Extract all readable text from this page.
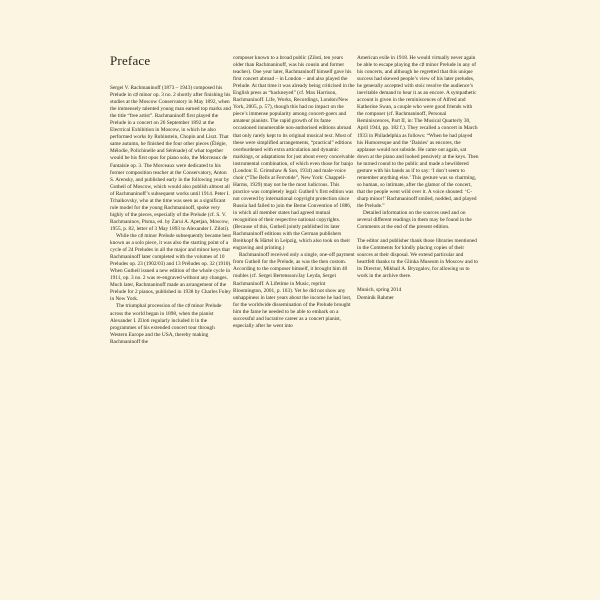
Preface

Sergei V. Rachmaninoff (1873 – 1943) composed his Prelude in c♯ minor op. 3 no. 2 shortly after finishing his studies at the Moscow Conservatory in May 1892, when the immensely talented young man earned top marks and the title “free artist”. Rachmaninoff first played the Prelude in a concert on 26 September 1892 at the Electrical Exhibition in Moscow, in which he also performed works by Rubinstein, Chopin and Liszt. That same autumn, he finished the four other pieces (Élégie, Mélodie, Polichinelle and Sérénade) of what together would be his first opus for piano solo, the Morceaux de Fantaisie op. 3. The Morceaux were dedicated to his former composition teacher at the Conservatory, Anton S. Arensky, and published early in the following year by Gutheil of Moscow, which would also publish almost all of Rachmaninoff’s subsequent works until 1914. Peter I. Tchaikovsky, who at the time was seen as a significant role model for the young Rachmaninoff, spoke very highly of the pieces, especially of the Prelude (cf. S. V. Rachmaninov, Pisma, ed. by Zarui A. Apetjan, Moscow, 1955, p. 82, letter of 3 May 1893 to Alexander I. Ziloti).

While the c♯ minor Prelude subsequently became best known as a solo piece, it was also the starting point of a cycle of 24 Preludes in all the major and minor keys that Rachmaninoff later completed with the volumes of 10 Preludes op. 23 (1902/03) and 13 Préludes op. 32 (1910). When Gutheil issued a new edition of the whole cycle in 1911, op. 3 no. 2 was re-engraved without any changes. Much later, Rachmaninoff made an arrangement of the Prelude for 2 pianos, published in 1938 by Charles Foley in New York.

The triumphal procession of the c♯ minor Prelude across the world began in 1898, when the pianist Alexander I. Ziloti regularly included it in the programmes of his extended concert tour through Western Europe and the USA, thereby making Rachmaninoff the

composer known to a broad public (Ziloti, ten years older than Rachmaninoff, was his cousin and former teacher). One year later, Rachmaninoff himself gave his first concert abroad – in London – and also played the Prelude. At that time it was already being criticised in the English press as “hackneyed” (cf. Max Harrison, Rachmaninoff. Life, Works, Recordings, London/New York, 2005, p. 57), though this had no impact on the piece’s immense popularity among concert-goers and amateur pianists. The rapid growth of its fame occasioned innumerable non-authorised editions abroad that only rarely kept to its original musical text. Most of these were simplified arrangements, “practical” editions overburdened with extra articulation and dynamic markings, or adaptations for just about every conceivable instrumental combination, of which even those for banjo (London: E. Grimshaw & Son, 1934) and male-voice choir (“The Bells at Ferrotide”, New York: Chappell-Harms, 1929) may not be the most ludicrous. This practice was completely legal: Gutheil’s first edition was not covered by international copyright protection since Russia had failed to join the Berne Convention of 1886, in which all member states had agreed mutual recognition of their respective national copyrights. (Because of this, Gutheil jointly published its later Rachmaninoff editions with the German publishers Breitkopf & Härtel in Leipzig, which also took on their engraving and printing.)

Rachmaninoff received only a single, one-off payment from Gutheil for the Prelude, as was the then custom. According to the composer himself, it brought him 40 roubles (cf. Sergei Bertensson/Jay Leyda, Sergei Rachmaninoff. A Lifetime in Music, reprint Bloomington, 2001, p. 163). Yet he did not show any unhappiness in later years about the income he had lost, for the worldwide dissemination of the Prelude brought him the fame he needed to be able to embark on a successful and lucrative career as a concert pianist, especially after he went into

American exile in 1918. He would virtually never again be able to escape playing the c♯ minor Prelude in any of his concerts, and although he regretted that this unique success had skewed people’s view of his later preludes, he generally accepted with stoic resolve the audience’s inevitable demand to hear it as an encore. A sympathetic account is given in the reminiscences of Alfred and Katherine Swan, a couple who were good friends with the composer (cf. Rachmaninoff, Personal Reminiscences, Part II, in: The Musical Quarterly 30, April 1944, pp. 182 f.). They recalled a concert in March 1933 in Philadelphia as follows: “When he had played his Humoresque and the ‘Daisies’ as encores, the applause would not subside. He came out again, sat down at the piano and looked pensively at the keys. Then he turned round to the public and made a bewildered gesture with his hands as if to say: ‘I don’t seem to remember anything else.’ This gesture was so charming, so human, so intimate, after the glamor of the concert, that the people went wild over it. A voice shouted: ‘C-sharp minor!’ Rachmaninoff smiled, nodded, and played the Prelude.”

Detailed information on the sources used and on several different readings in them may be found in the Comments at the end of the present edition.

The editor and publisher thank those libraries mentioned in the Comments for kindly placing copies of their sources at their disposal. We extend particular and heartfelt thanks to the Glinka Museum in Moscow and to its Director, Mikhail A. Bryzgalov, for allowing us to work in the archive there.

Munich, spring 2014

Dominik Rahmer
